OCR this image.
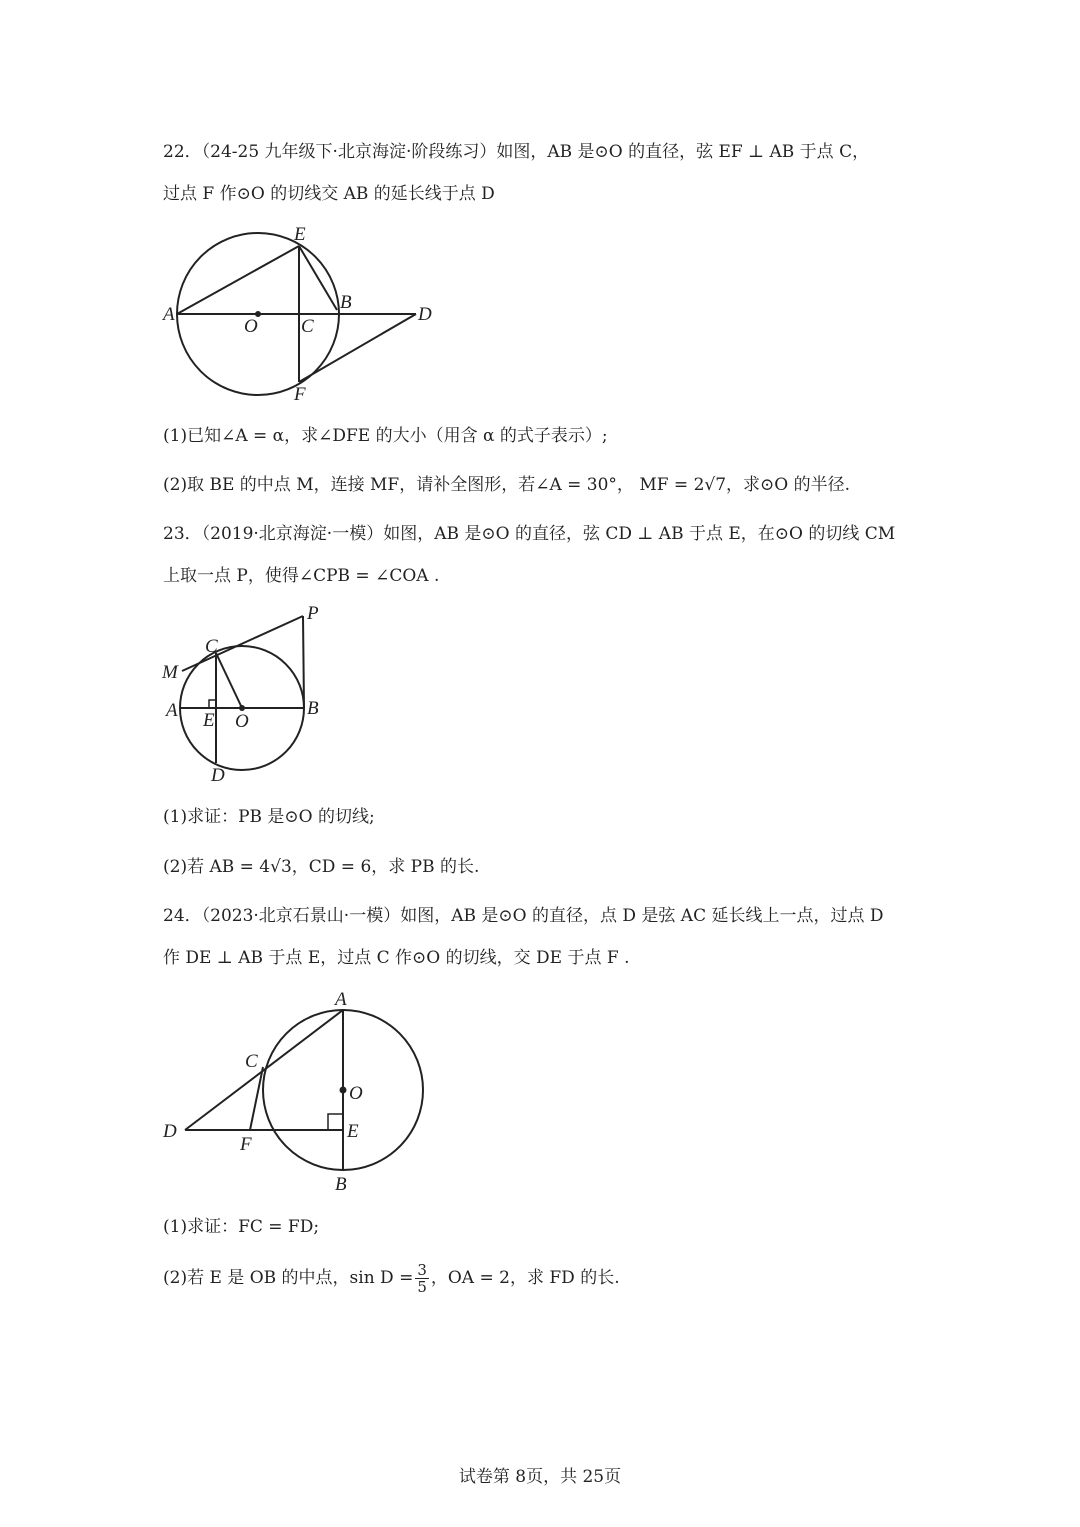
22．（24-25 九年级下·北京海淀·阶段练习）如图，AB 是⊙O 的直径，弦 EF ⊥ AB 于点 C，
过点 F 作⊙O 的切线交 AB 的延长线于点 D
E
A
B
O C
D
F
(1)已知∠A = α，求∠DFE 的大小（用含 α 的式子表示）;
(2)取 BE 的中点 M，连接 MF，请补全图形，若∠A = 30°， MF = 2√7，求⊙O 的半径.
23．（2019·北京海淀·一模）如图，AB 是⊙O 的直径，弦 CD ⊥ AB 于点 E，在⊙O 的切线 CM
上取一点 P，使得∠CPB = ∠COA .
P
C
M
A E O
B
D
(1)求证：PB 是⊙O 的切线;
(2)若 AB = 4√3，CD = 6，求 PB 的长.
24．（2023·北京石景山·一模）如图，AB 是⊙O 的直径，点 D 是弦 AC 延长线上一点，过点 D
作 DE ⊥ AB 于点 E，过点 C 作⊙O 的切线，交 DE 于点 F .
A
C
O
D	E
F
B
(1)求证：FC = FD;
(2)若 E 是 OB 的中点，$\sin D = \frac{3}{5}$ ，OA = 2，求 FD 的长.
试卷第 8页，共 25页
